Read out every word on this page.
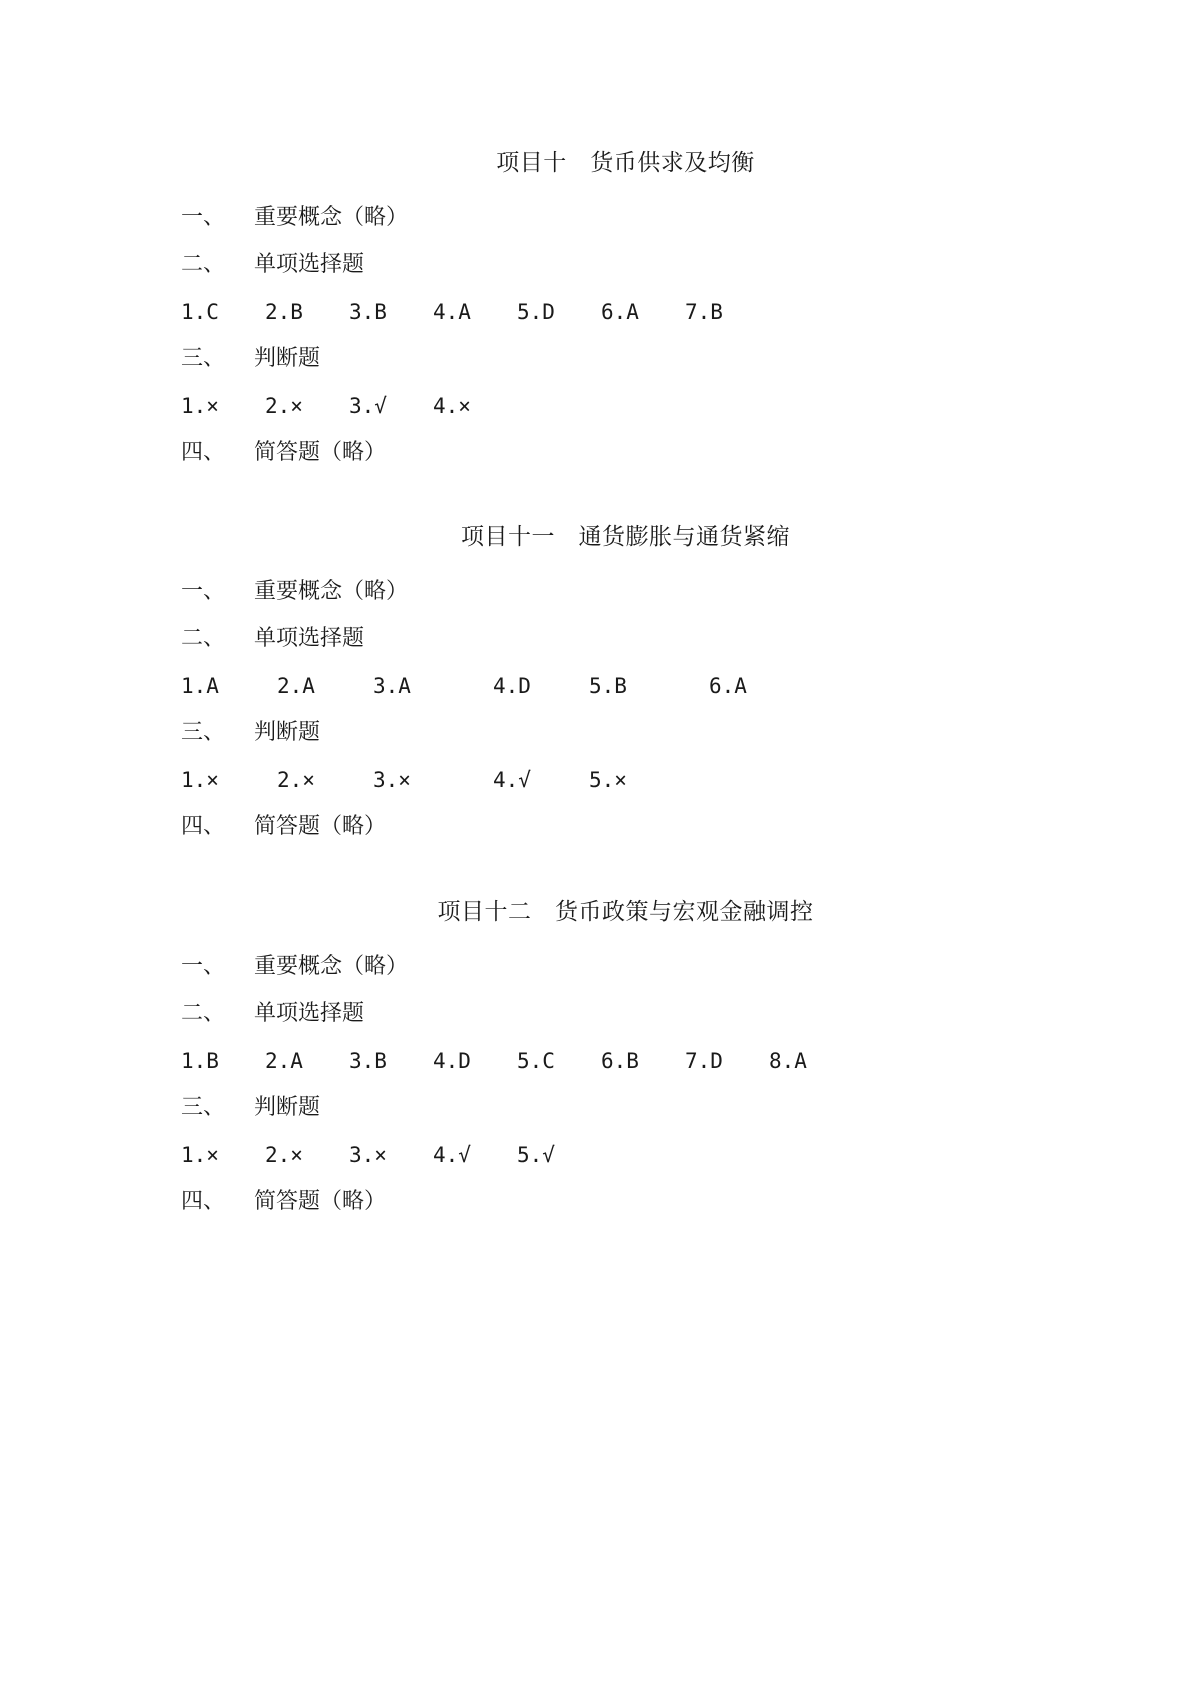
项目十　货币供求及均衡
一、	重要概念（略）
二、	单项选择题
1.C	2.B	3.B	4.A	5.D	6.A	7.B
三、	判断题
1.×	2.×	3.√	4.×
四、	简答题（略）
项目十一　通货膨胀与通货紧缩
一、	重要概念（略）
二、	单项选择题
1.A	2.A	3.A	4.D	5.B	6.A
三、	判断题
1.×	2.×	3.×	4.√	5.×
四、	简答题（略）
项目十二　货币政策与宏观金融调控
一、	重要概念（略）
二、	单项选择题
1.B	2.A	3.B	4.D	5.C	6.B	7.D	8.A
三、	判断题
1.×	2.×	3.×	4.√	5.√
四、	简答题（略）
